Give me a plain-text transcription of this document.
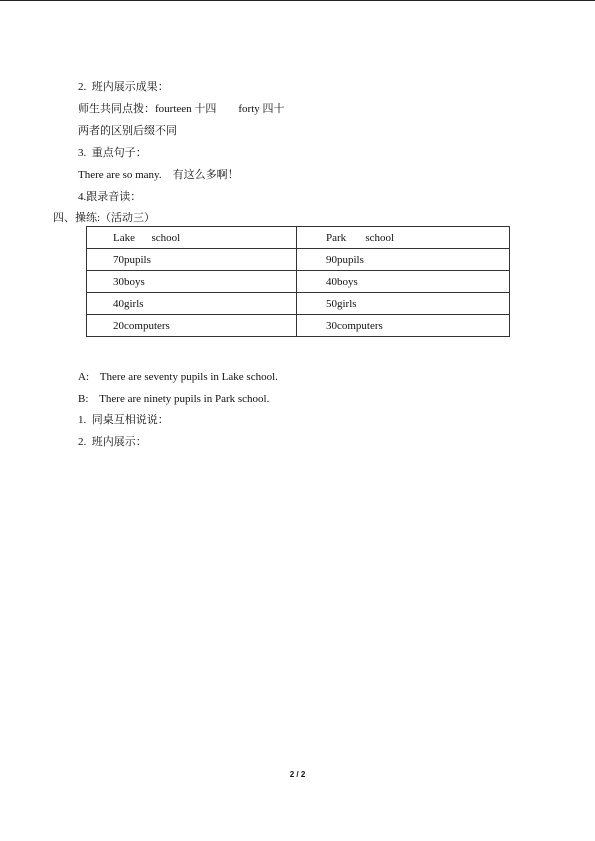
2.  班内展示成果：
师生共同点拨：fourteen 十四        forty 四十
两者的区别后缀不同
3.  重点句子：
There are so many.    有这么多啊！
4.跟录音读：
四、操练:（活动三）
Lake      school	Park       school
70pupils	90pupils
30boys	40boys
40girls	50girls
20computers	30computers
A:    There are seventy pupils in Lake school.
B:    There are ninety pupils in Park school.
1.  同桌互相说说：
2.  班内展示：
2 / 2
